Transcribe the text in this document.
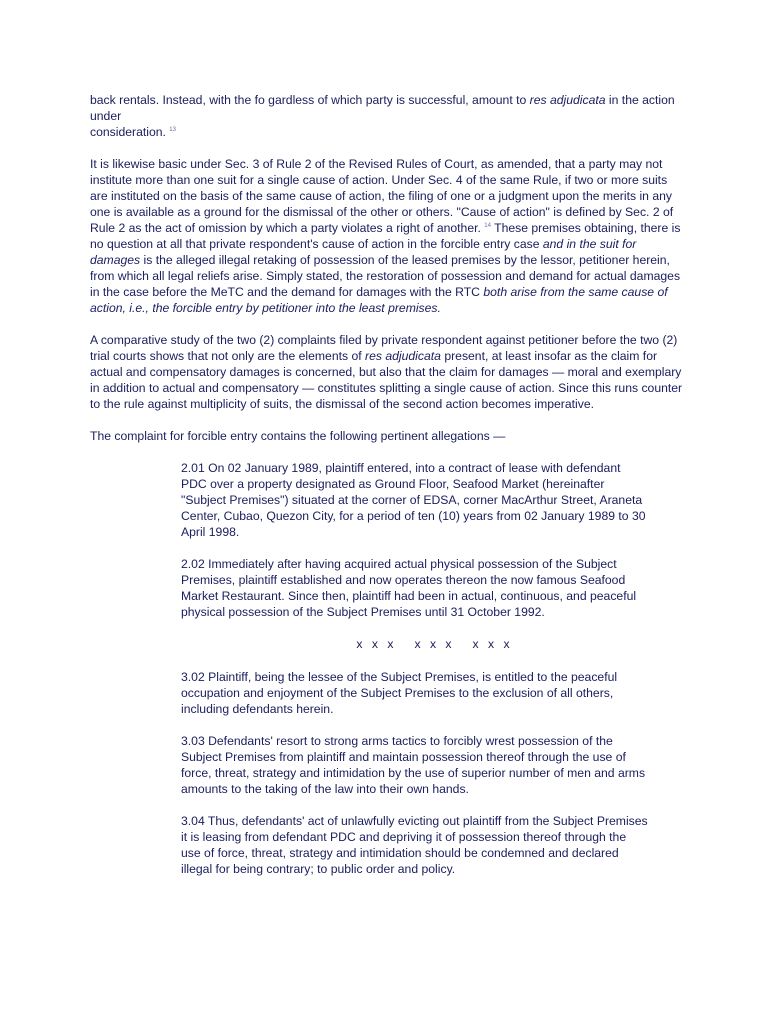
back rentals. Instead, with the fo gardless of which party is successful, amount to res adjudicata in the action under
consideration. $^{13}$

It is likewise basic under Sec. 3 of Rule 2 of the Revised Rules of Court, as amended, that a party may not institute more than one suit for a single cause of action. Under Sec. 4 of the same Rule, if two or more suits are instituted on the basis of the same cause of action, the filing of one or a judgment upon the merits in any one is available as a ground for the dismissal of the other or others. "Cause of action" is defined by Sec. 2 of Rule 2 as the act of omission by which a party violates a right of another. $^{14}$ These premises obtaining, there is no question at all that private respondent's cause of action in the forcible entry case and in the suit for damages is the alleged illegal retaking of possession of the leased premises by the lessor, petitioner herein, from which all legal reliefs arise. Simply stated, the restoration of possession and demand for actual damages in the case before the MeTC and the demand for damages with the RTC both arise from the same cause of action, i.e., the forcible entry by petitioner into the least premises.

A comparative study of the two (2) complaints filed by private respondent against petitioner before the two (2) trial courts shows that not only are the elements of res adjudicata present, at least insofar as the claim for actual and compensatory damages is concerned, but also that the claim for damages — moral and exemplary in addition to actual and compensatory — constitutes splitting a single cause of action. Since this runs counter to the rule against multiplicity of suits, the dismissal of the second action becomes imperative.

The complaint for forcible entry contains the following pertinent allegations —

2.01 On 02 January 1989, plaintiff entered, into a contract of lease with defendant PDC over a property designated as Ground Floor, Seafood Market (hereinafter "Subject Premises") situated at the corner of EDSA, corner MacArthur Street, Araneta Center, Cubao, Quezon City, for a period of ten (10) years from 02 January 1989 to 30 April 1998.

2.02 Immediately after having acquired actual physical possession of the Subject Premises, plaintiff established and now operates thereon the now famous Seafood Market Restaurant. Since then, plaintiff had been in actual, continuous, and peaceful physical possession of the Subject Premises until 31 October 1992.

x x x x x x x x x

3.02 Plaintiff, being the lessee of the Subject Premises, is entitled to the peaceful occupation and enjoyment of the Subject Premises to the exclusion of all others, including defendants herein.

3.03 Defendants' resort to strong arms tactics to forcibly wrest possession of the Subject Premises from plaintiff and maintain possession thereof through the use of force, threat, strategy and intimidation by the use of superior number of men and arms amounts to the taking of the law into their own hands.

3.04 Thus, defendants' act of unlawfully evicting out plaintiff from the Subject Premises it is leasing from defendant PDC and depriving it of possession thereof through the use of force, threat, strategy and intimidation should be condemned and declared illegal for being contrary; to public order and policy.
